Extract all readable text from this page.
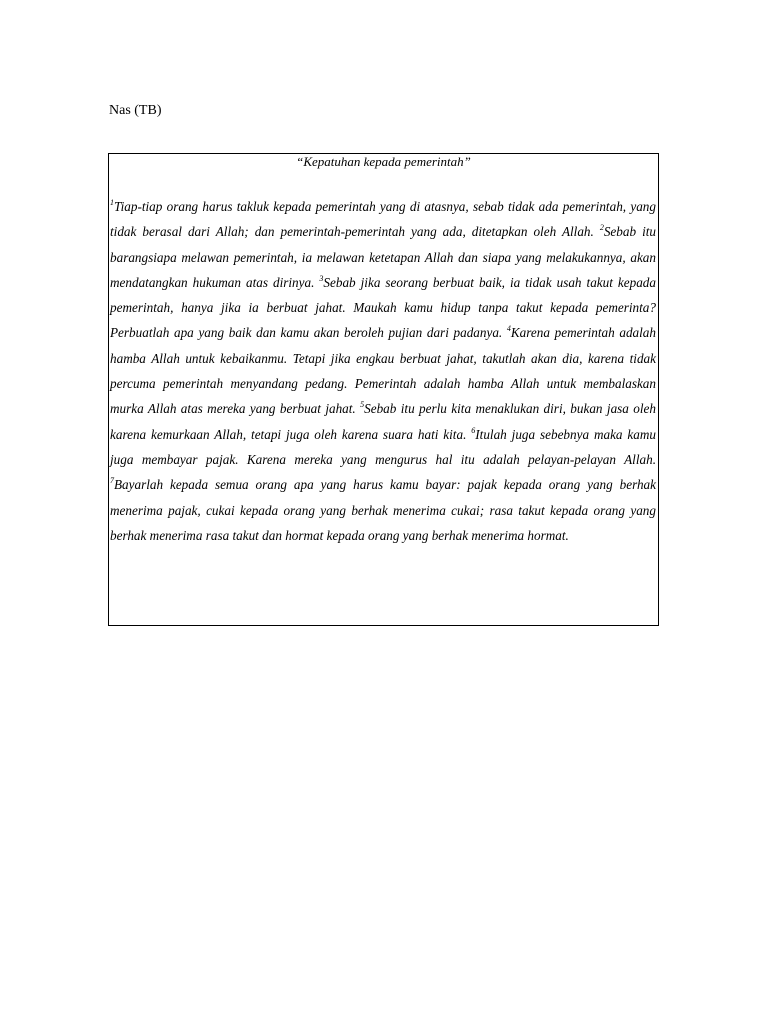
Nas (TB)
“Kepatuhan kepada pemerintah”
$^1$Tiap-tiap orang harus takluk kepada pemerintah yang di atasnya, sebab tidak ada pemerintah, yang tidak berasal dari Allah; dan pemerintah-pemerintah yang ada, ditetapkan oleh Allah. $^2$Sebab itu barangsiapa melawan pemerintah, ia melawan ketetapan Allah dan siapa yang melakukannya, akan mendatangkan hukuman atas dirinya. $^3$Sebab jika seorang berbuat baik, ia tidak usah takut kepada pemerintah, hanya jika ia berbuat jahat. Maukah kamu hidup tanpa takut kepada pemerinta? Perbuatlah apa yang baik dan kamu akan beroleh pujian dari padanya. $^4$Karena pemerintah adalah hamba Allah untuk kebaikanmu. Tetapi jika engkau berbuat jahat, takutlah akan dia, karena tidak percuma pemerintah menyandang pedang. Pemerintah adalah hamba Allah untuk membalaskan murka Allah atas mereka yang berbuat jahat. $^5$Sebab itu perlu kita menaklukan diri, bukan jasa oleh karena kemurkaan Allah, tetapi juga oleh karena suara hati kita. $^6$Itulah juga sebebnya maka kamu juga membayar pajak. Karena mereka yang mengurus hal itu adalah pelayan-pelayan Allah. $^7$Bayarlah kepada semua orang apa yang harus kamu bayar: pajak kepada orang yang berhak menerima pajak, cukai kepada orang yang berhak menerima cukai; rasa takut kepada orang yang berhak menerima rasa takut dan hormat kepada orang yang berhak menerima hormat.
